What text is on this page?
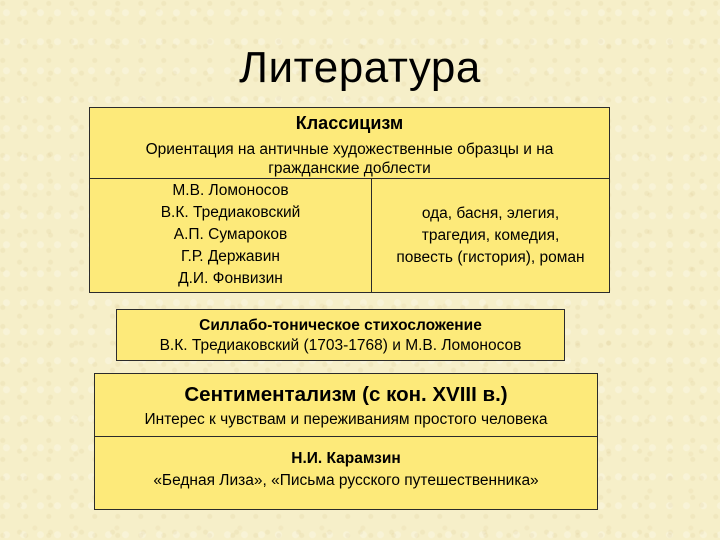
Литература
Классицизм
Ориентация на античные художественные образцы и на гражданские доблести
М.В. Ломоносов
В.К. Тредиаковский
А.П. Сумароков
Г.Р. Державин
Д.И. Фонвизин
ода, басня, элегия,
трагедия, комедия,
повесть (гистория), роман
Силлабо-тоническое стихосложение
В.К. Тредиаковский (1703-1768) и М.В. Ломоносов
Сентиментализм (с кон. XVIII в.)
Интерес к чувствам и переживаниям простого человека
Н.И. Карамзин
«Бедная Лиза», «Письма русского путешественника»
